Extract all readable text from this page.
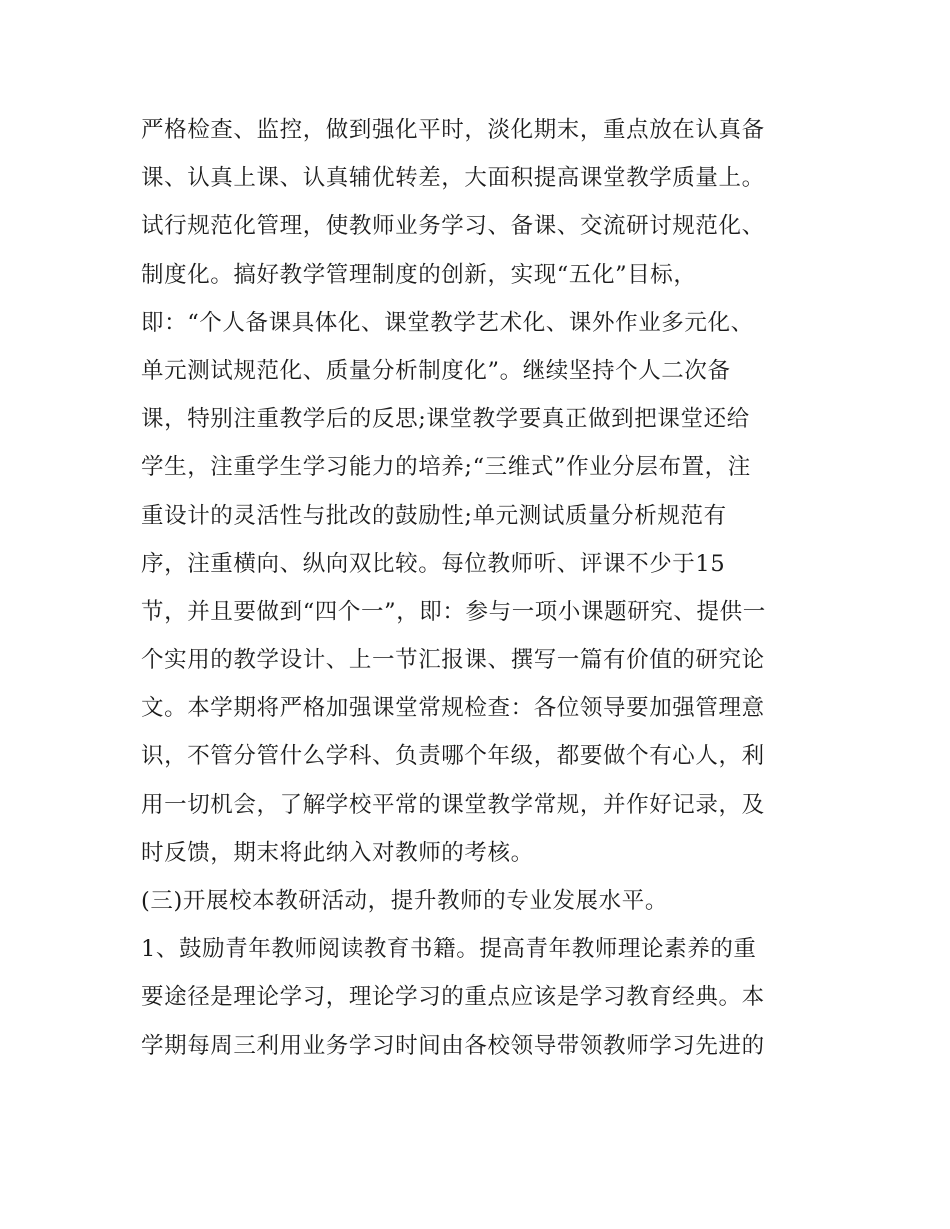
严格检查、监控，做到强化平时，淡化期末，重点放在认真备
课、认真上课、认真辅优转差，大面积提高课堂教学质量上。
试行规范化管理，使教师业务学习、备课、交流研讨规范化、
制度化。搞好教学管理制度的创新，实现“五化”目标，
即：“个人备课具体化、课堂教学艺术化、课外作业多元化、
单元测试规范化、质量分析制度化”。继续坚持个人二次备
课，特别注重教学后的反思;课堂教学要真正做到把课堂还给
学生，注重学生学习能力的培养;“三维式”作业分层布置，注
重设计的灵活性与批改的鼓励性;单元测试质量分析规范有
序，注重横向、纵向双比较。每位教师听、评课不少于15
节，并且要做到“四个一”，即：参与一项小课题研究、提供一
个实用的教学设计、上一节汇报课、撰写一篇有价值的研究论
文。本学期将严格加强课堂常规检查：各位领导要加强管理意
识，不管分管什么学科、负责哪个年级，都要做个有心人，利
用一切机会，了解学校平常的课堂教学常规，并作好记录，及
时反馈，期末将此纳入对教师的考核。
(三)开展校本教研活动，提升教师的专业发展水平。
1、鼓励青年教师阅读教育书籍。提高青年教师理论素养的重
要途径是理论学习，理论学习的重点应该是学习教育经典。本
学期每周三利用业务学习时间由各校领导带领教师学习先进的
